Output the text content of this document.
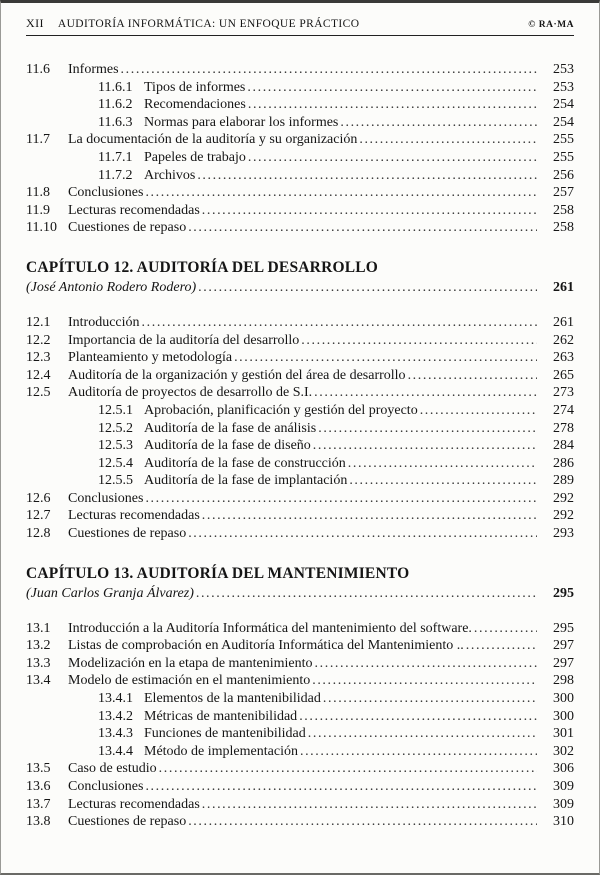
XII AUDITORÍA INFORMÁTICA: UN ENFOQUE PRÁCTICO	© RA·MA
11.6	Informes .....	253
11.6.1 Tipos de informes .....	253
11.6.2 Recomendaciones .....	254
11.6.3 Normas para elaborar los informes .....	254
11.7	La documentación de la auditoría y su organización .....	255
11.7.1 Papeles de trabajo .....	255
11.7.2 Archivos .....	256
11.8	Conclusiones .....	257
11.9	Lecturas recomendadas .....	258
11.10 Cuestiones de repaso .....	258
CAPÍTULO 12. AUDITORÍA DEL DESARROLLO
(José Antonio Rodero Rodero) .....	261
12.1	Introducción .....	261
12.2	Importancia de la auditoría del desarrollo .....	262
12.3	Planteamiento y metodología .....	263
12.4	Auditoría de la organización y gestión del área de desarrollo .....	265
12.5	Auditoría de proyectos de desarrollo de S.I. .....	273
12.5.1 Aprobación, planificación y gestión del proyecto .....	274
12.5.2 Auditoría de la fase de análisis .....	278
12.5.3 Auditoría de la fase de diseño .....	284
12.5.4 Auditoría de la fase de construcción .....	286
12.5.5 Auditoría de la fase de implantación .....	289
12.6	Conclusiones .....	292
12.7	Lecturas recomendadas .....	292
12.8	Cuestiones de repaso .....	293
CAPÍTULO 13. AUDITORÍA DEL MANTENIMIENTO
(Juan Carlos Granja Álvarez) .....	295
13.1	Introducción a la Auditoría Informática del mantenimiento del software. .....	295
13.2	Listas de comprobación en Auditoría Informática del Mantenimiento .. .....	297
13.3	Modelización en la etapa de mantenimiento .....	297
13.4	Modelo de estimación en el mantenimiento .....	298
13.4.1 Elementos de la mantenibilidad .....	300
13.4.2 Métricas de mantenibilidad .....	300
13.4.3 Funciones de mantenibilidad .....	301
13.4.4 Método de implementación .....	302
13.5	Caso de estudio .....	306
13.6	Conclusiones .....	309
13.7	Lecturas recomendadas .....	309
13.8	Cuestiones de repaso .....	310
